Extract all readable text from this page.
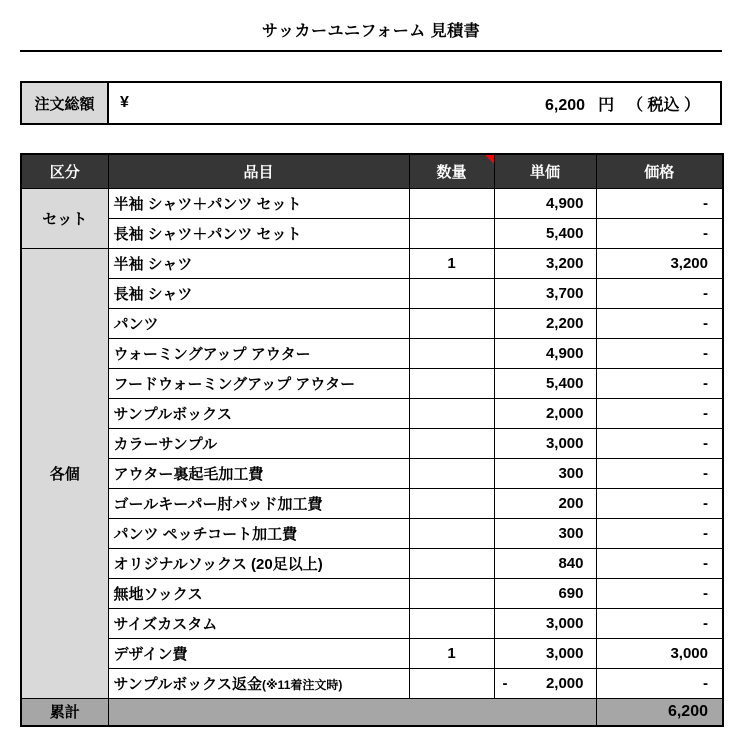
サッカーユニフォーム 見積書
注文総額	¥	6,200 円 （ 税込 ）
区分	品目	数量	単価	価格
セット	半袖 シャツ＋パンツ セット		4,900	-
	長袖 シャツ＋パンツ セット		5,400	-
各個	半袖 シャツ	1	3,200	3,200
	長袖 シャツ		3,700	-
	パンツ		2,200	-
	ウォーミングアップ アウター		4,900	-
	フードウォーミングアップ アウター		5,400	-
	サンプルボックス		2,000	-
	カラーサンプル		3,000	-
	アウター裏起毛加工費		300	-
	ゴールキーパー肘パッド加工費		200	-
	パンツ ペッチコート加工費		300	-
	オリジナルソックス (20足以上)		840	-
	無地ソックス		690	-
	サイズカスタム		3,000	-
	デザイン費	1	3,000	3,000
	サンプルボックス返金(※11着注文時)		- 2,000	-
累計				6,200
